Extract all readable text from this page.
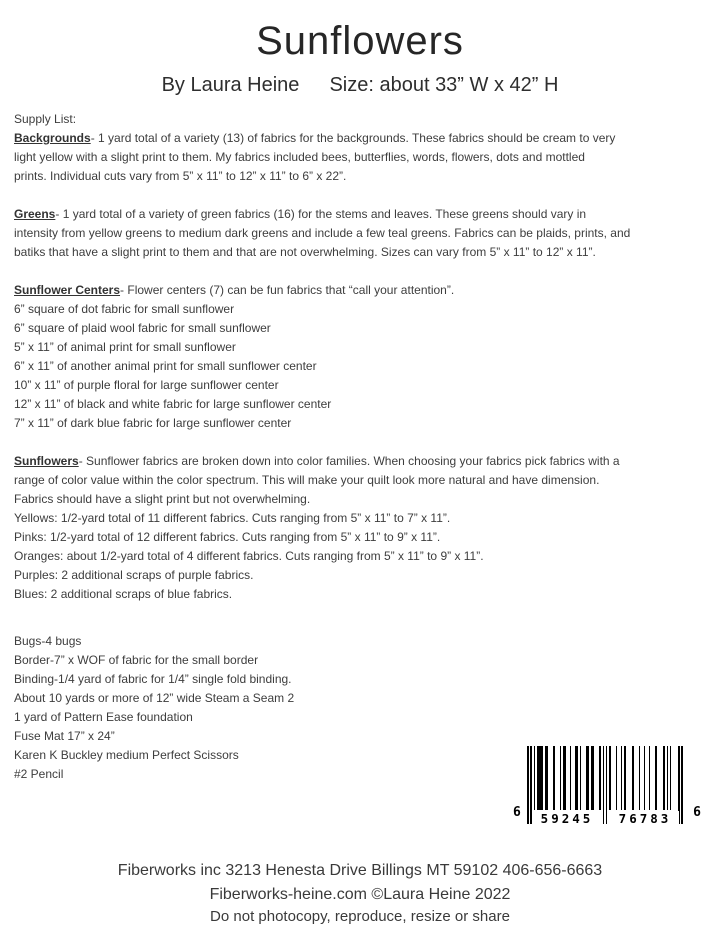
Sunflowers
By Laura Heine Size: about 33” W x 42” H
Supply List:
Backgrounds- 1 yard total of a variety (13) of fabrics for the backgrounds. These fabrics should be cream to very
light yellow with a slight print to them. My fabrics included bees, butterflies, words, flowers, dots and mottled
prints. Individual cuts vary from 5” x 11” to 12” x 11” to 6” x 22”.
Greens- 1 yard total of a variety of green fabrics (16) for the stems and leaves. These greens should vary in
intensity from yellow greens to medium dark greens and include a few teal greens. Fabrics can be plaids, prints, and
batiks that have a slight print to them and that are not overwhelming. Sizes can vary from 5” x 11” to 12” x 11”.
Sunflower Centers- Flower centers (7) can be fun fabrics that “call your attention”.
6” square of dot fabric for small sunflower
6” square of plaid wool fabric for small sunflower
5” x 11” of animal print for small sunflower
6” x 11” of another animal print for small sunflower center
10” x 11” of purple floral for large sunflower center
12” x 11” of black and white fabric for large sunflower center
7” x 11” of dark blue fabric for large sunflower center
Sunflowers- Sunflower fabrics are broken down into color families. When choosing your fabrics pick fabrics with a
range of color value within the color spectrum. This will make your quilt look more natural and have dimension.
Fabrics should have a slight print but not overwhelming.
Yellows: 1/2-yard total of 11 different fabrics. Cuts ranging from 5” x 11” to 7” x 11”.
Pinks: 1/2-yard total of 12 different fabrics. Cuts ranging from 5” x 11” to 9” x 11”.
Oranges: about 1/2-yard total of 4 different fabrics. Cuts ranging from 5” x 11” to 9” x 11”.
Purples: 2 additional scraps of purple fabrics.
Blues: 2 additional scraps of blue fabrics.
Bugs-4 bugs
Border-7” x WOF of fabric for the small border
Binding-1/4 yard of fabric for 1/4” single fold binding.
About 10 yards or more of 12” wide Steam a Seam 2
1 yard of Pattern Ease foundation
Fuse Mat 17” x 24”
Karen K Buckley medium Perfect Scissors
#2 Pencil
6	59245	76783	6
Fiberworks inc 3213 Henesta Drive Billings MT 59102 406-656-6663
Fiberworks-heine.com ©Laura Heine 2022
Do not photocopy, reproduce, resize or share
